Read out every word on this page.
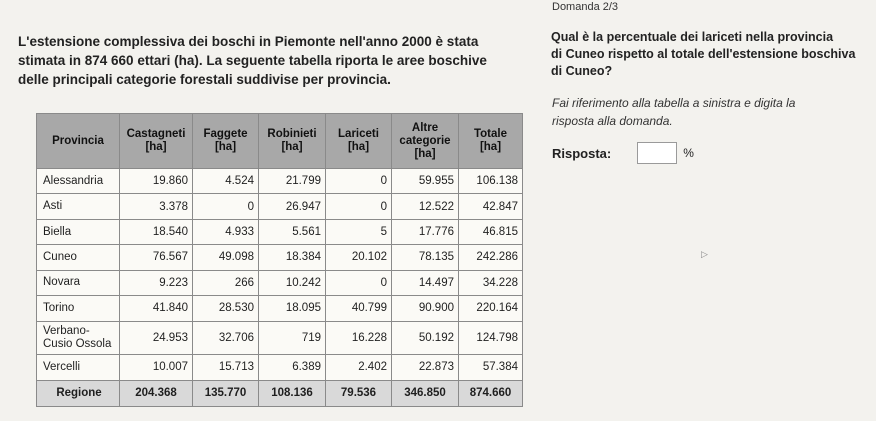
Domanda 2/3

L'estensione complessiva dei boschi in Piemonte nell'anno 2000 è stata

stimata in 874 660 ettari (ha). La seguente tabella riporta le aree boschive

delle principali categorie forestali suddivise per provincia.

Qual è la percentuale dei lariceti nella provincia

di Cuneo rispetto al totale dell'estensione boschiva

di Cuneo?

Fai riferimento alla tabella a sinistra e digita la

risposta alla domanda.

Risposta:	%
▷
Provincia	Castagneti [ha]	Faggete [ha]	Robinieti [ha]	Lariceti [ha]	Altre categorie [ha]	Totale [ha]
Alessandria	19.860	4.524	21.799	0	59.955	106.138
Asti	3.378	0	26.947	0	12.522	42.847
Biella	18.540	4.933	5.561	5	17.776	46.815
Cuneo	76.567	49.098	18.384	20.102	78.135	242.286
Novara	9.223	266	10.242	0	14.497	34.228
Torino	41.840	28.530	18.095	40.799	90.900	220.164
Verbano-Cusio Ossola	24.953	32.706	719	16.228	50.192	124.798
Vercelli	10.007	15.713	6.389	2.402	22.873	57.384
Regione	204.368	135.770	108.136	79.536	346.850	874.660
